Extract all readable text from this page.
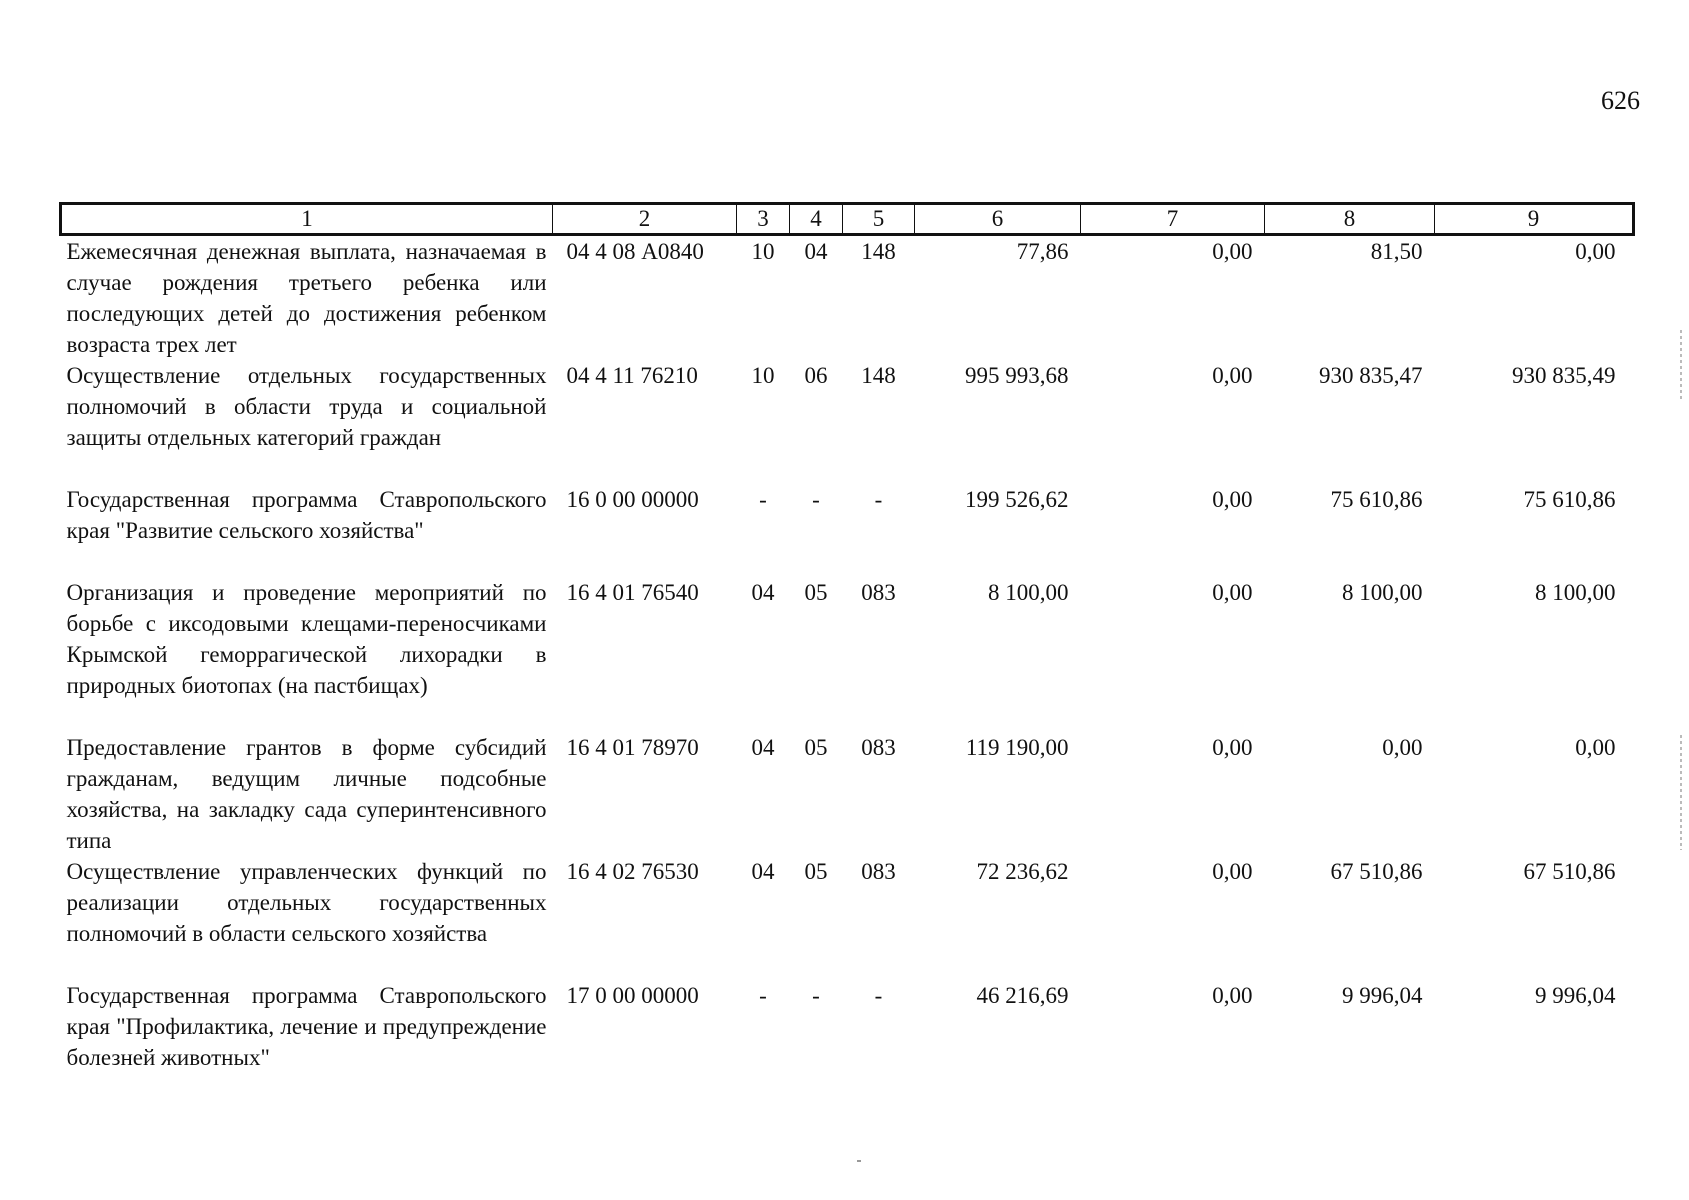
626
1	2	3	4	5	6	7	8	9
Ежемесячная денежная выплата, назначаемая в случае рождения третьего ребенка или последующих детей до достижения ребенком возраста трех лет	04 4 08 А0840	10	04	148	77,86	0,00	81,50	0,00
Осуществление отдельных государственных полномочий в области труда и социальной защиты отдельных категорий граждан	04 4 11 76210	10	06	148	995 993,68	0,00	930 835,47	930 835,49
Государственная программа Ставропольского края "Развитие сельского хозяйства"	16 0 00 00000	-	-	-	199 526,62	0,00	75 610,86	75 610,86
Организация и проведение мероприятий по борьбе с иксодовыми клещами-переносчиками Крымской геморрагической лихорадки в природных биотопах (на пастбищах)	16 4 01 76540	04	05	083	8 100,00	0,00	8 100,00	8 100,00
Предоставление грантов в форме субсидий гражданам, ведущим личные подсобные хозяйства, на закладку сада суперинтенсивного типа	16 4 01 78970	04	05	083	119 190,00	0,00	0,00	0,00
Осуществление управленческих функций по реализации отдельных государственных полномочий в области сельского хозяйства	16 4 02 76530	04	05	083	72 236,62	0,00	67 510,86	67 510,86
Государственная программа Ставропольского края "Профилактика, лечение и предупреждение болезней животных"	17 0 00 00000	-	-	-	46 216,69	0,00	9 996,04	9 996,04
